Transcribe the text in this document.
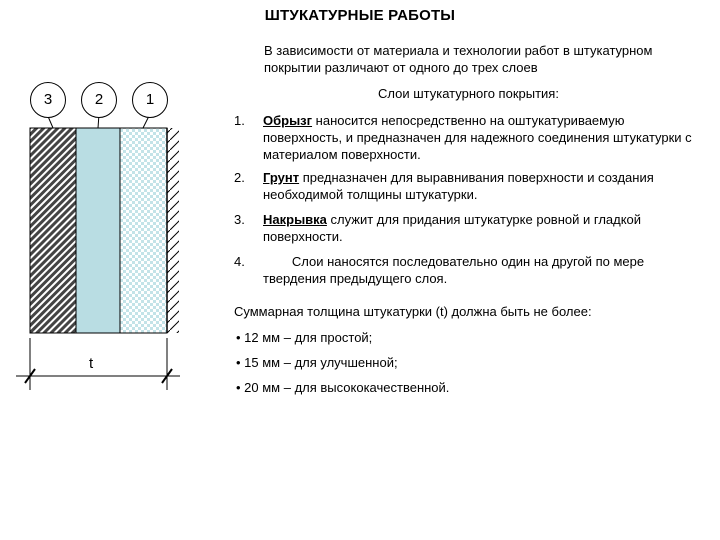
ШТУКАТУРНЫЕ РАБОТЫ
В зависимости от материала и технологии работ в штукатурном покрытии различают от одного до трех слоев
Слои штукатурного покрытия:
1. Обрызг наносится непосредственно на оштукатуриваемую поверхность, и предназначен для надежного соединения штукатурки с материалом поверхности.
2. Грунт предназначен для выравнивания поверхности и создания необходимой толщины штукатурки.
3. Накрывка служит для придания штукатурке ровной и гладкой поверхности.
4.	Слои наносятся последовательно один на другой по мере твердения предыдущего слоя.
Суммарная толщина штукатурки (t) должна быть не более:
• 12 мм – для простой;
• 15 мм – для улучшенной;
• 20 мм – для высококачественной.
3	2	1
t
